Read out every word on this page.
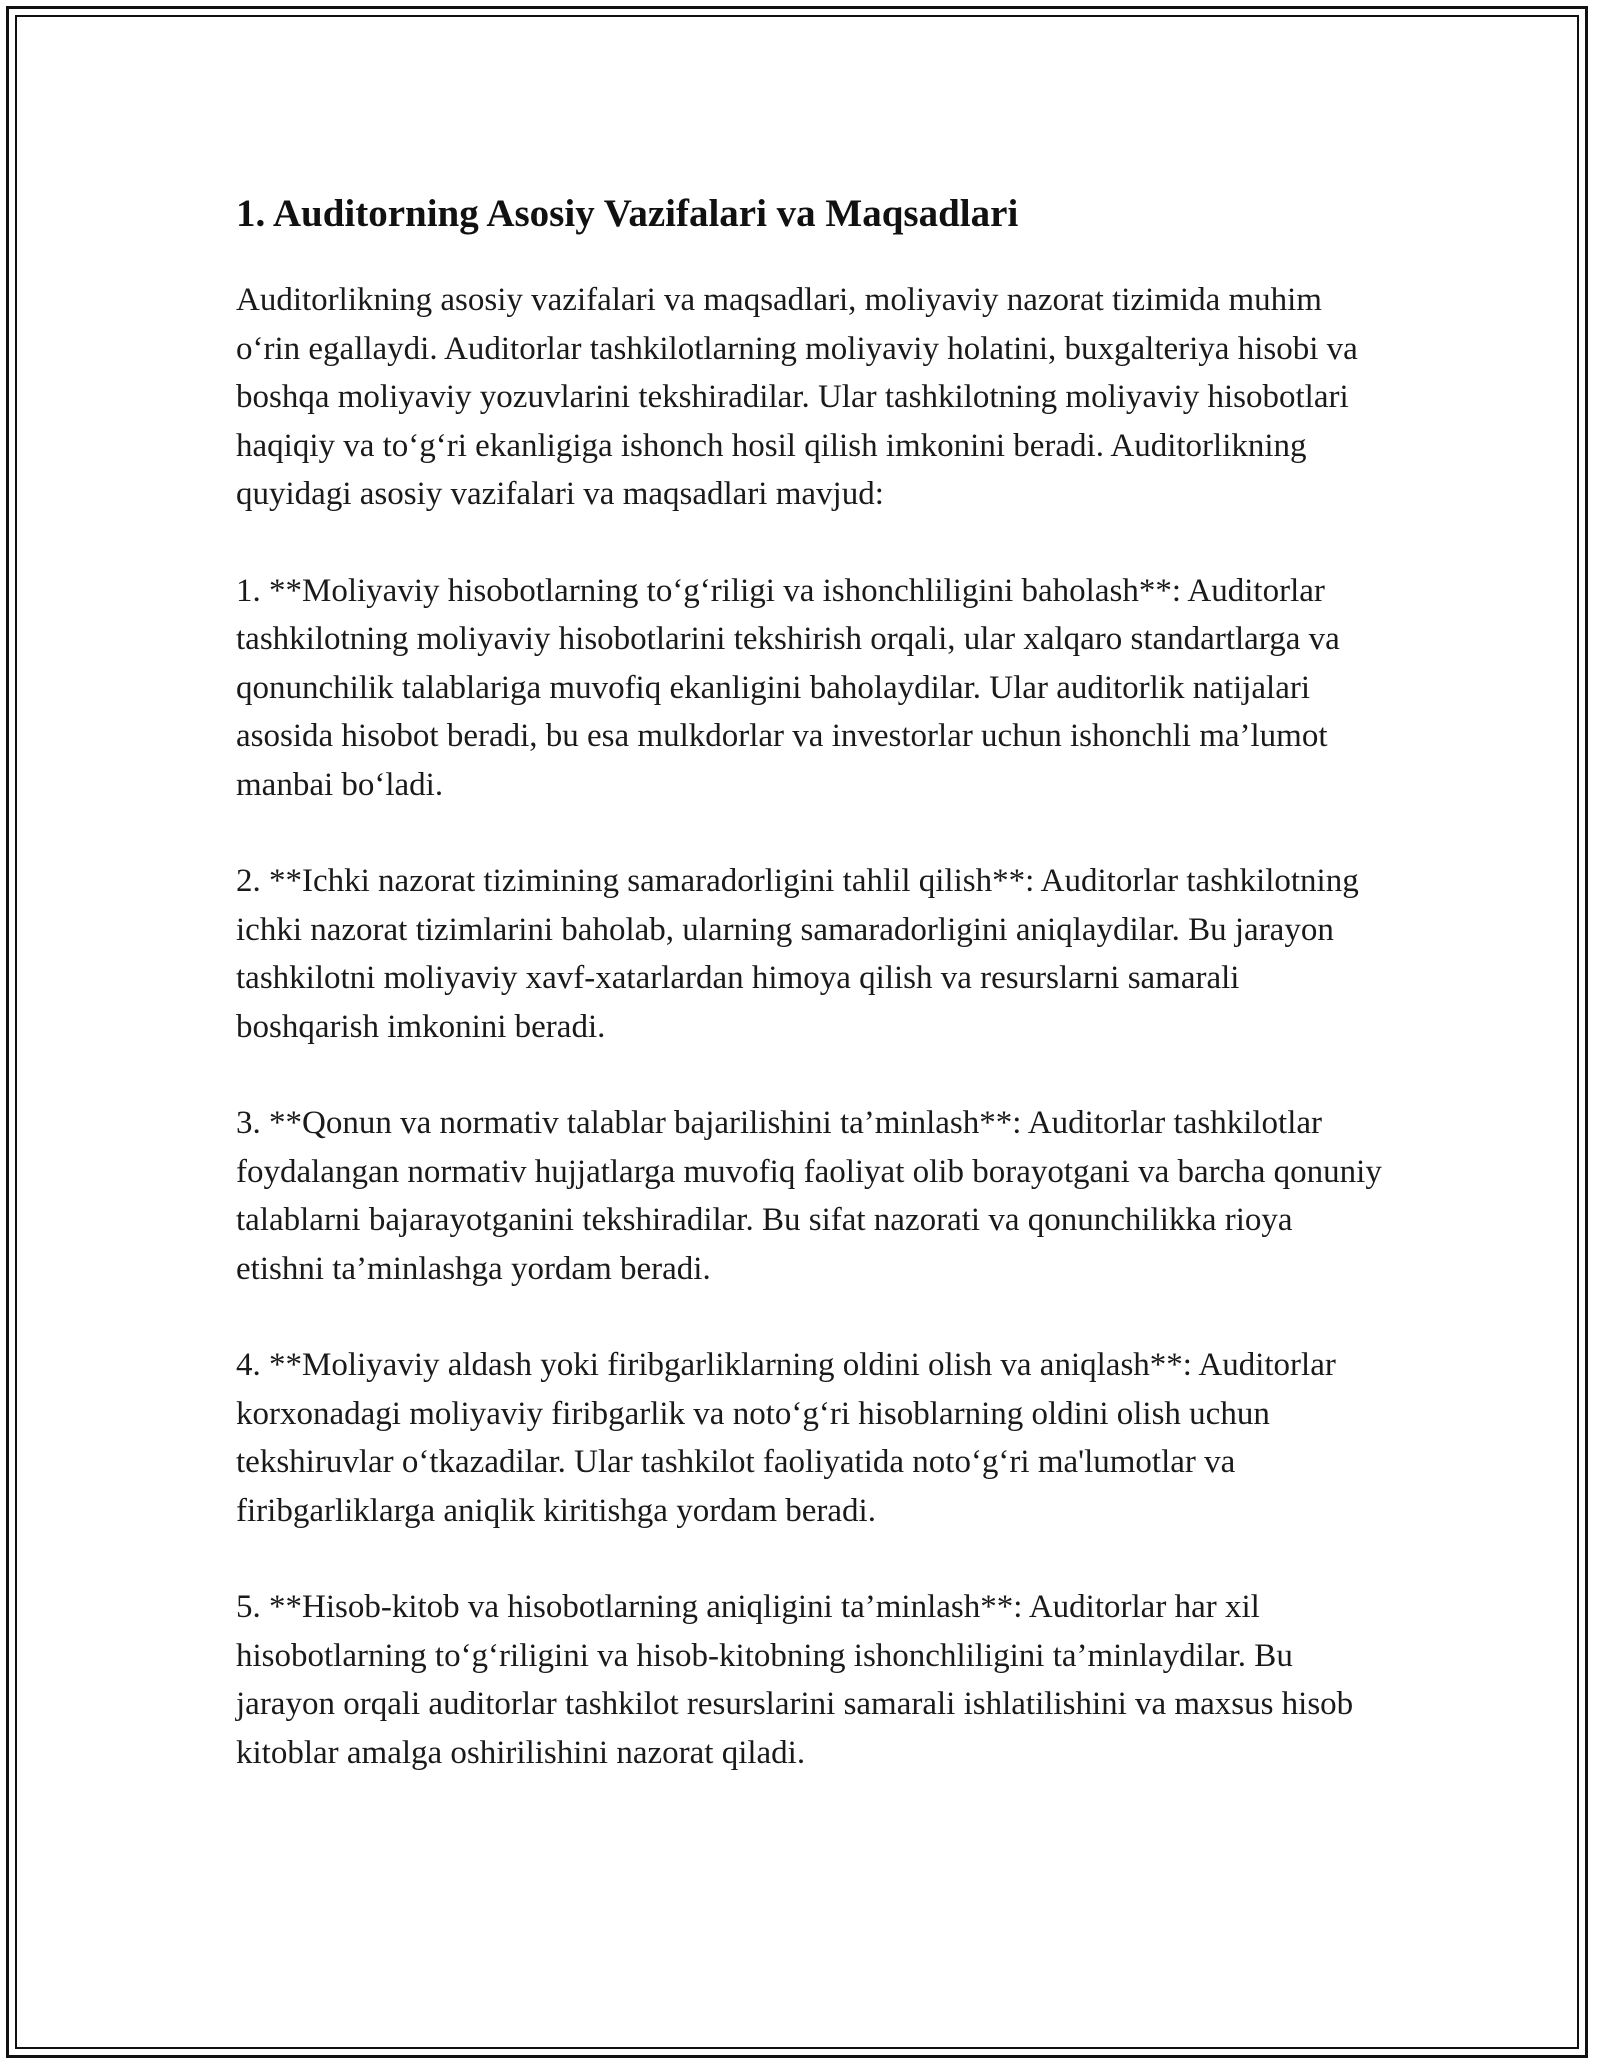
1. Auditorning Asosiy Vazifalari va Maqsadlari

Auditorlikning asosiy vazifalari va maqsadlari, moliyaviy nazorat tizimida muhim o‘rin egallaydi. Auditorlar tashkilotlarning moliyaviy holatini, buxgalteriya hisobi va boshqa moliyaviy yozuvlarini tekshiradilar. Ular tashkilotning moliyaviy hisobotlari haqiqiy va to‘g‘ri ekanligiga ishonch hosil qilish imkonini beradi. Auditorlikning quyidagi asosiy vazifalari va maqsadlari mavjud:

1. **Moliyaviy hisobotlarning to‘g‘riligi va ishonchliligini baholash**: Auditorlar tashkilotning moliyaviy hisobotlarini tekshirish orqali, ular xalqaro standartlarga va qonunchilik talablariga muvofiq ekanligini baholaydilar. Ular auditorlik natijalari asosida hisobot beradi, bu esa mulkdorlar va investorlar uchun ishonchli ma’lumot manbai bo‘ladi.

2. **Ichki nazorat tizimining samaradorligini tahlil qilish**: Auditorlar tashkilotning ichki nazorat tizimlarini baholab, ularning samaradorligini aniqlaydilar. Bu jarayon tashkilotni moliyaviy xavf-xatarlardan himoya qilish va resurslarni samarali boshqarish imkonini beradi.

3. **Qonun va normativ talablar bajarilishini ta’minlash**: Auditorlar tashkilotlar foydalangan normativ hujjatlarga muvofiq faoliyat olib borayotgani va barcha qonuniy talablarni bajarayotganini tekshiradilar. Bu sifat nazorati va qonunchilikka rioya etishni ta’minlashga yordam beradi.

4. **Moliyaviy aldash yoki firibgarliklarning oldini olish va aniqlash**: Auditorlar korxonadagi moliyaviy firibgarlik va noto‘g‘ri hisoblarning oldini olish uchun tekshiruvlar o‘tkazadilar. Ular tashkilot faoliyatida noto‘g‘ri ma'lumotlar va firibgarliklarga aniqlik kiritishga yordam beradi.

5. **Hisob-kitob va hisobotlarning aniqligini ta’minlash**: Auditorlar har xil hisobotlarning to‘g‘riligini va hisob-kitobning ishonchliligini ta’minlaydilar. Bu jarayon orqali auditorlar tashkilot resurslarini samarali ishlatilishini va maxsus hisob kitoblar amalga oshirilishini nazorat qiladi.
